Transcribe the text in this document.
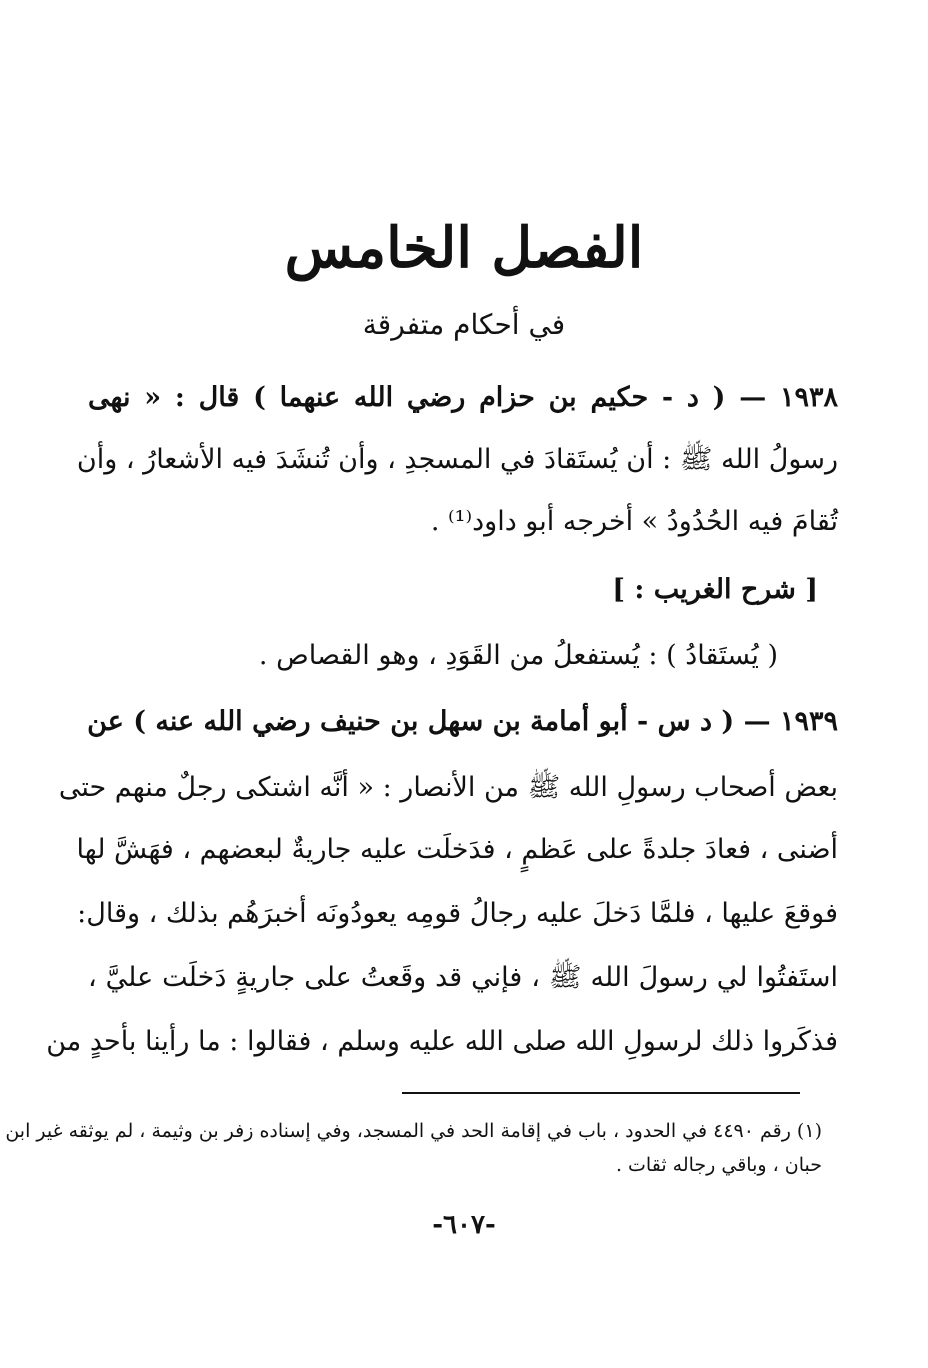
الفصل الخامس
في أحكام متفرقة
١٩٣٨ — ( د - حكيم بن حزام رضي الله عنهما ) قال : « نهى
رسولُ الله ﷺ : أن يُستَقادَ في المسجدِ ، وأن تُنشَدَ فيه الأشعارُ ، وأن
تُقامَ فيه الحُدُودُ » أخرجه أبو داود⁽¹⁾ .
[ شرح الغريب : ]
( يُستَقادُ ) : يُستفعلُ من القَوَدِ ، وهو القصاص .
١٩٣٩ — ( د س - أبو أمامة بن سهل بن حنيف رضي الله عنه ) عن
بعض أصحاب رسولِ الله ﷺ من الأنصار : « أنَّه اشتكى رجلٌ منهم حتى
أضنى ، فعادَ جلدةً على عَظمٍ ، فدَخلَت عليه جاريةٌ لبعضهم ، فهَشَّ لها
فوقعَ عليها ، فلمَّا دَخلَ عليه رجالُ قومِه يعودُونَه أخبرَهُم بذلك ، وقال:
استَفتُوا لي رسولَ الله ﷺ ، فإني قد وقَعتُ على جاريةٍ دَخلَت عليَّ ،
فذكَروا ذلك لرسولِ الله صلى الله عليه وسلم ، فقالوا : ما رأينا بأحدٍ من
(١) رقم ٤٤٩٠ في الحدود ، باب في إقامة الحد في المسجد، وفي إسناده زفر بن وثيمة ، لم يوثقه غير ابن
حبان ، وباقي رجاله ثقات .
-٦٠٧-
